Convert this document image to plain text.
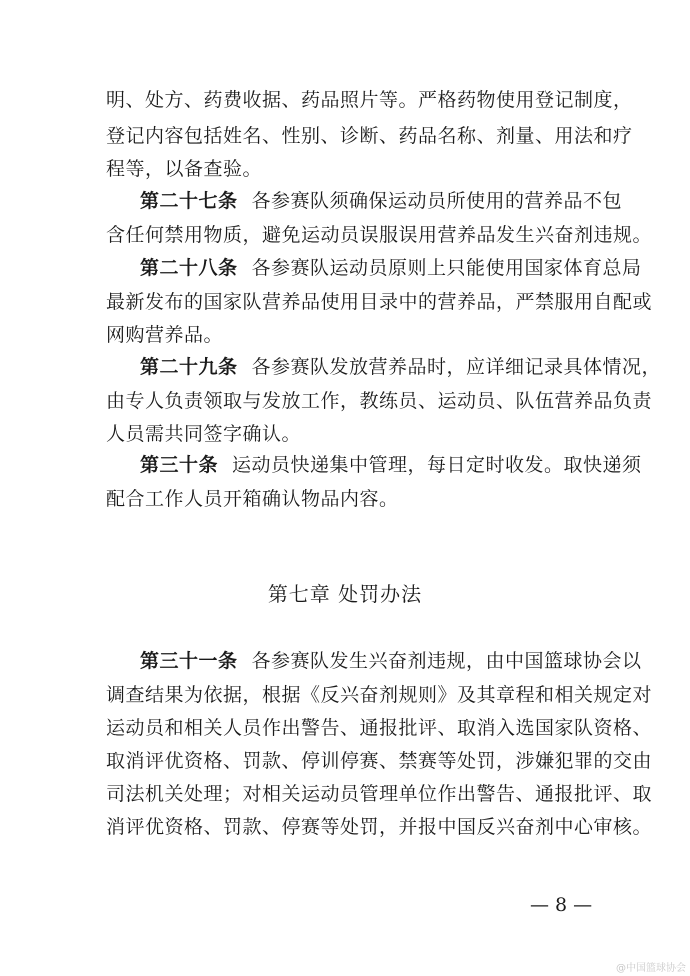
明、处方、药费收据、药品照片等。严格药物使用登记制度，
登记内容包括姓名、性别、诊断、药品名称、剂量、用法和疗
程等，以备查验。
第二十七条 各参赛队须确保运动员所使用的营养品不包
含任何禁用物质，避免运动员误服误用营养品发生兴奋剂违规。
第二十八条 各参赛队运动员原则上只能使用国家体育总局
最新发布的国家队营养品使用目录中的营养品，严禁服用自配或
网购营养品。
第二十九条 各参赛队发放营养品时，应详细记录具体情况，
由专人负责领取与发放工作，教练员、运动员、队伍营养品负责
人员需共同签字确认。
第三十条 运动员快递集中管理，每日定时收发。取快递须
配合工作人员开箱确认物品内容。
第七章 处罚办法
第三十一条 各参赛队发生兴奋剂违规，由中国篮球协会以
调查结果为依据，根据《反兴奋剂规则》及其章程和相关规定对
运动员和相关人员作出警告、通报批评、取消入选国家队资格、
取消评优资格、罚款、停训停赛、禁赛等处罚，涉嫌犯罪的交由
司法机关处理；对相关运动员管理单位作出警告、通报批评、取
消评优资格、罚款、停赛等处罚，并报中国反兴奋剂中心审核。
— 8 —
@中国篮球协会
